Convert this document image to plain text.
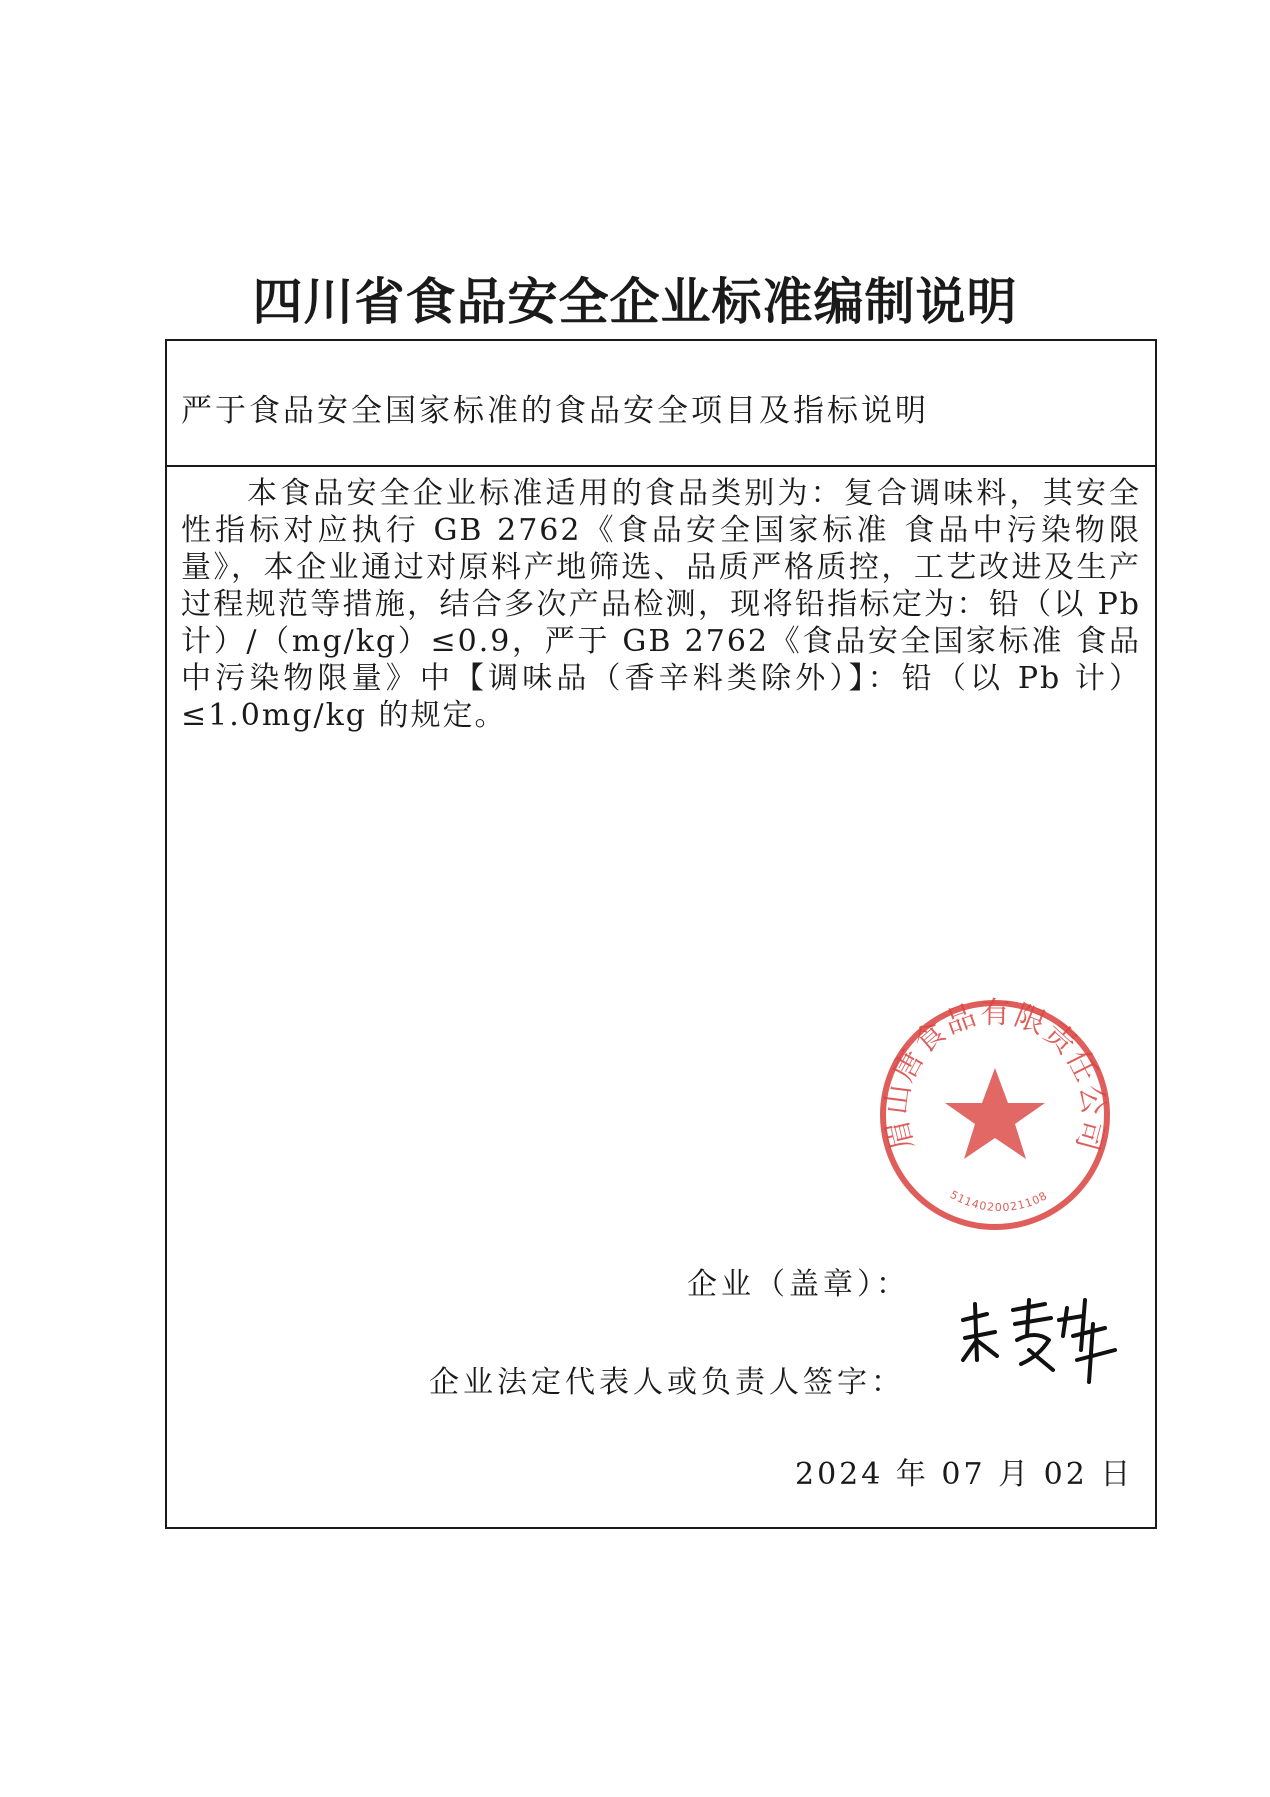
四川省食品安全企业标准编制说明
严于食品安全国家标准的食品安全项目及指标说明

本食品安全企业标准适用的食品类别为：复合调味料，其安全性指标对应执行 GB 2762《食品安全国家标准 食品中污染物限量》，本企业通过对原料产地筛选、品质严格质控，工艺改进及生产过程规范等措施，结合多次产品检测，现将铅指标定为：铅（以 Pb 计）/（mg/kg）≤0.9，严于 GB 2762《食品安全国家标准 食品中污染物限量》中【调味品（香辛料类除外）】：铅（以 Pb 计）≤1.0mg/kg 的规定。

企业（盖章）：
企业法定代表人或负责人签字：
2024 年 07 月 02 日
眉山唐食品有限责任公司
5114020021108
